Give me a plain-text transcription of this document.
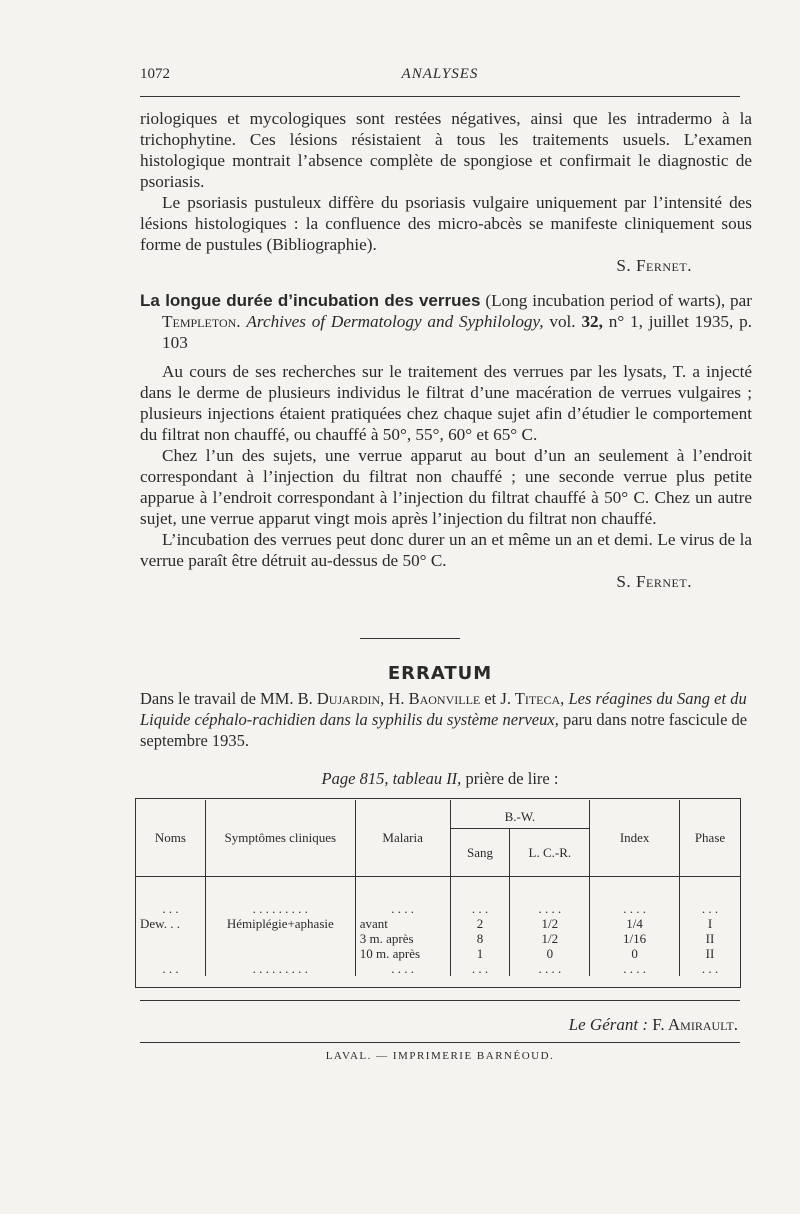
1072	ANALYSES

riologiques et mycologiques sont restées négatives, ainsi que les intradermo à la trichophytine. Ces lésions résistaient à tous les traitements usuels. L’examen histologique montrait l’absence complète de spongiose et confirmait le diagnostic de psoriasis.

Le psoriasis pustuleux diffère du psoriasis vulgaire uniquement par l’intensité des lésions histologiques : la confluence des micro-abcès se manifeste cliniquement sous forme de pustules (Bibliographie).

S. Fernet.

La longue durée d’incubation des verrues (Long incubation period of warts), par Templeton. Archives of Dermatology and Syphilology, vol. 32, n° 1, juillet 1935, p. 103

Au cours de ses recherches sur le traitement des verrues par les lysats, T. a injecté dans le derme de plusieurs individus le filtrat d’une macération de verrues vulgaires ; plusieurs injections étaient pratiquées chez chaque sujet afin d’étudier le comportement du filtrat non chauffé, ou chauffé à 50°, 55°, 60° et 65° C.

Chez l’un des sujets, une verrue apparut au bout d’un an seulement à l’endroit correspondant à l’injection du filtrat non chauffé ; une seconde verrue plus petite apparue à l’endroit correspondant à l’injection du filtrat chauffé à 50° C. Chez un autre sujet, une verrue apparut vingt mois après l’injection du filtrat non chauffé.

L’incubation des verrues peut donc durer un an et même un an et demi. Le virus de la verrue paraît être détruit au-dessus de 50° C.

S. Fernet.

ERRATUM

Dans le travail de MM. B. Dujardin, H. Baonville et J. Titeca, Les réagines du Sang et du Liquide céphalo-rachidien dans la syphilis du système nerveux, paru dans notre fascicule de septembre 1935.

Page 815, tableau II, prière de lire :
Noms	Symptômes cliniques	Malaria	B.-W.		Index	Phase
			Sang	L. C.-R.		
. . .	. . . . . . . . .	. . . .	. . .	. . . .	. . . .	. . .
Dew. . .	Hémiplégie+aphasie	avant	2	1/2	1/4	I
		3 m. après	8	1/2	1/16	II
		10 m. après	1	0	0	II
. . .	. . . . . . . . .	. . . .	. . .	. . . .	. . . .	. . .
Le Gérant : F. Amirault.
LAVAL. — IMPRIMERIE BARNÉOUD.
